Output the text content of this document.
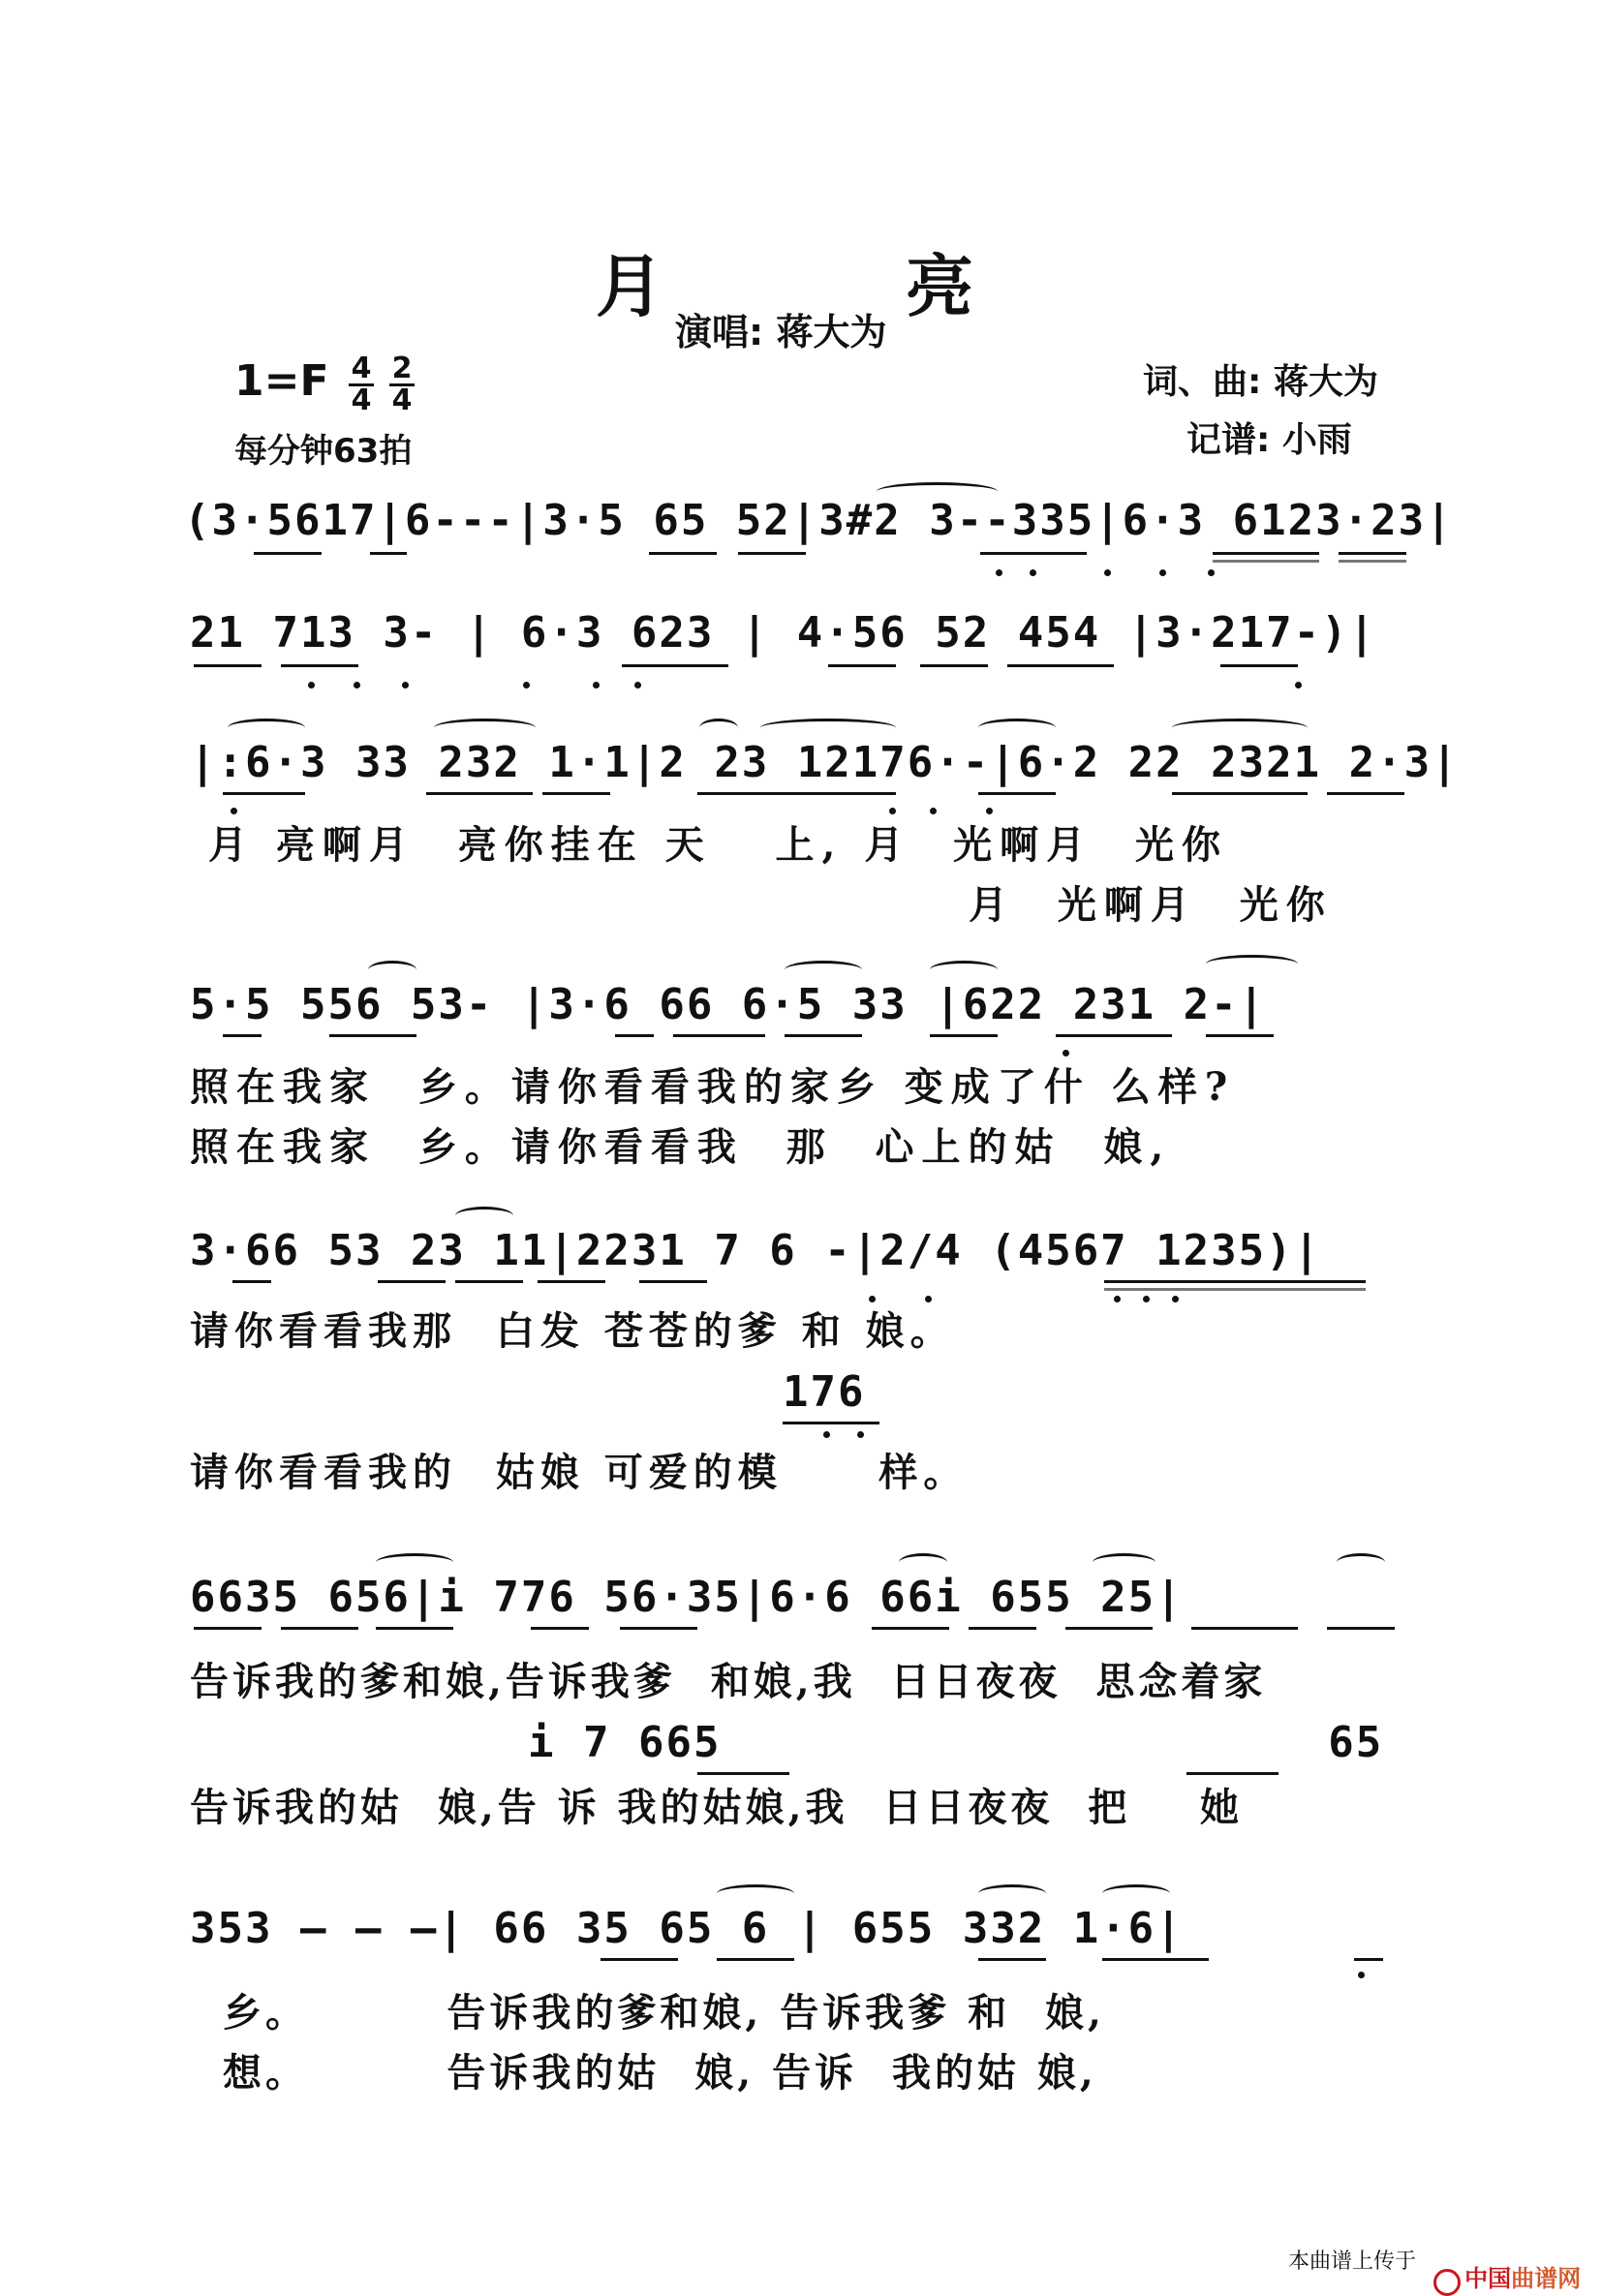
月	亮
演唱: 蒋大为
$1=F \frac{4}{4} \frac{2}{4}$
每分钟63拍
词、曲: 蒋大为
记谱: 小雨
(3·5617|6---|3·5 65 52|3#2 3--335|6·3 6123·23|
21 713 3- | 6·3 623 | 4·56 52 454 |3·217-)|
|:6·3 33 232 1·1|2 23 12176·-|6·2 22 2321 2·3|
月 亮啊月  亮你挂在 天   上, 月  光啊月  光你
月  光啊月  光你
5·5 556 53- |3·6 66 6·5 33 |622 231 2-|
照在我家  乡。请你看看我的家乡 变成了什 么样?
照在我家  乡。请你看看我  那  心上的姑  娘,
3·66 53 23 11|2231 7 6 -|2/4 (4567 1235)|
请你看看我那  白发 苍苍的爹 和 娘。
176
请你看看我的  姑娘 可爱的模     样。
6635 656|i 776 56·35|6·6 66i 655 25|
告诉我的爹和娘,告诉我爹  和娘,我  日日夜夜  思念着家
i 7 665                      65
告诉我的姑  娘,告 诉 我的姑娘,我  日日夜夜  把    她
353 — — —| 66 35 65 6 | 655 332 1·6|
乡。        告诉我的爹和娘, 告诉我爹 和  娘,
想。        告诉我的姑  娘, 告诉  我的姑 娘,
本曲谱上传于

中国曲谱网
